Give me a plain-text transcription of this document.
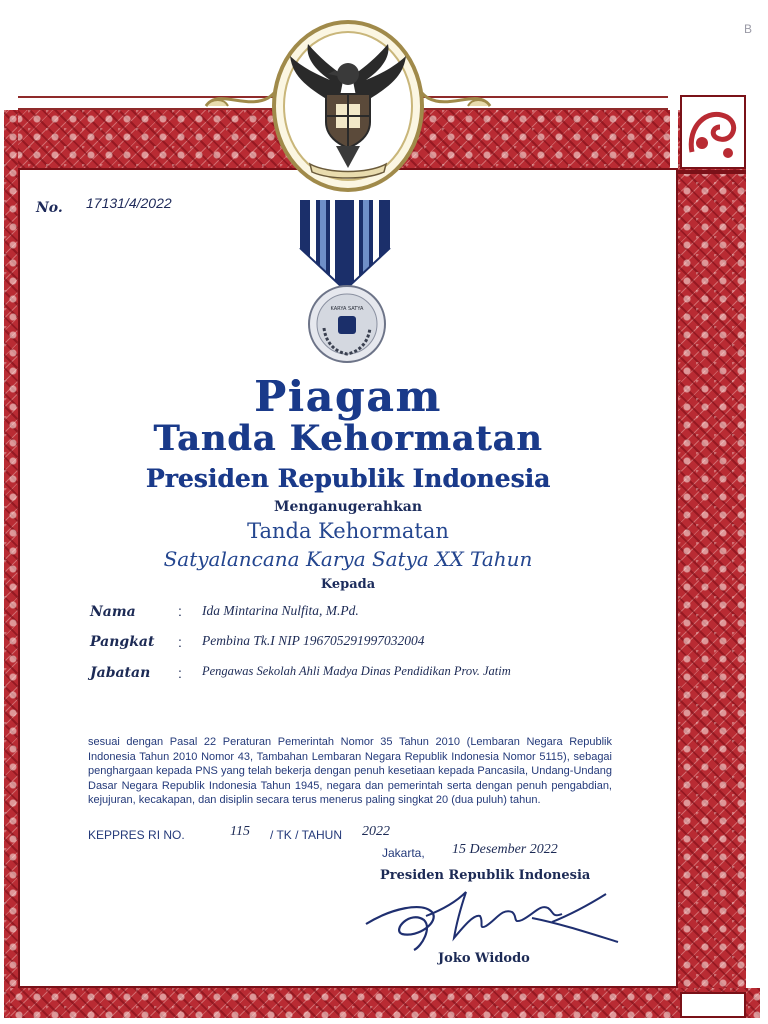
B
KARYA SATYA
No. 17131/4/2022
Piagam
Tanda Kehormatan
Presiden Republik Indonesia
Menganugerahkan
Tanda Kehormatan
Satyalancana Karya Satya XX Tahun
Kepada
Nama	: Ida Mintarina Nulfita, M.Pd.
Pangkat : Pembina Tk.I NIP 196705291997032004
Jabatan : Pengawas Sekolah Ahli Madya Dinas Pendidikan Prov. Jatim
sesuai dengan Pasal 22 Peraturan Pemerintah Nomor 35 Tahun 2010 (Lembaran Negara Republik Indonesia Tahun 2010 Nomor 43, Tambahan Lembaran Negara Republik Indonesia Nomor 5115), sebagai penghargaan kepada PNS yang telah bekerja dengan penuh kesetiaan kepada Pancasila, Undang-Undang Dasar Negara Republik Indonesia Tahun 1945, negara dan pemerintah serta dengan penuh pengabdian, kejujuran, kecakapan, dan disiplin secara terus menerus paling singkat 20 (dua puluh) tahun.
KEPPRES RI NO.	115 / TK / TAHUN 2022
Jakarta, 15 Desember 2022
Presiden Republik Indonesia
Joko Widodo
